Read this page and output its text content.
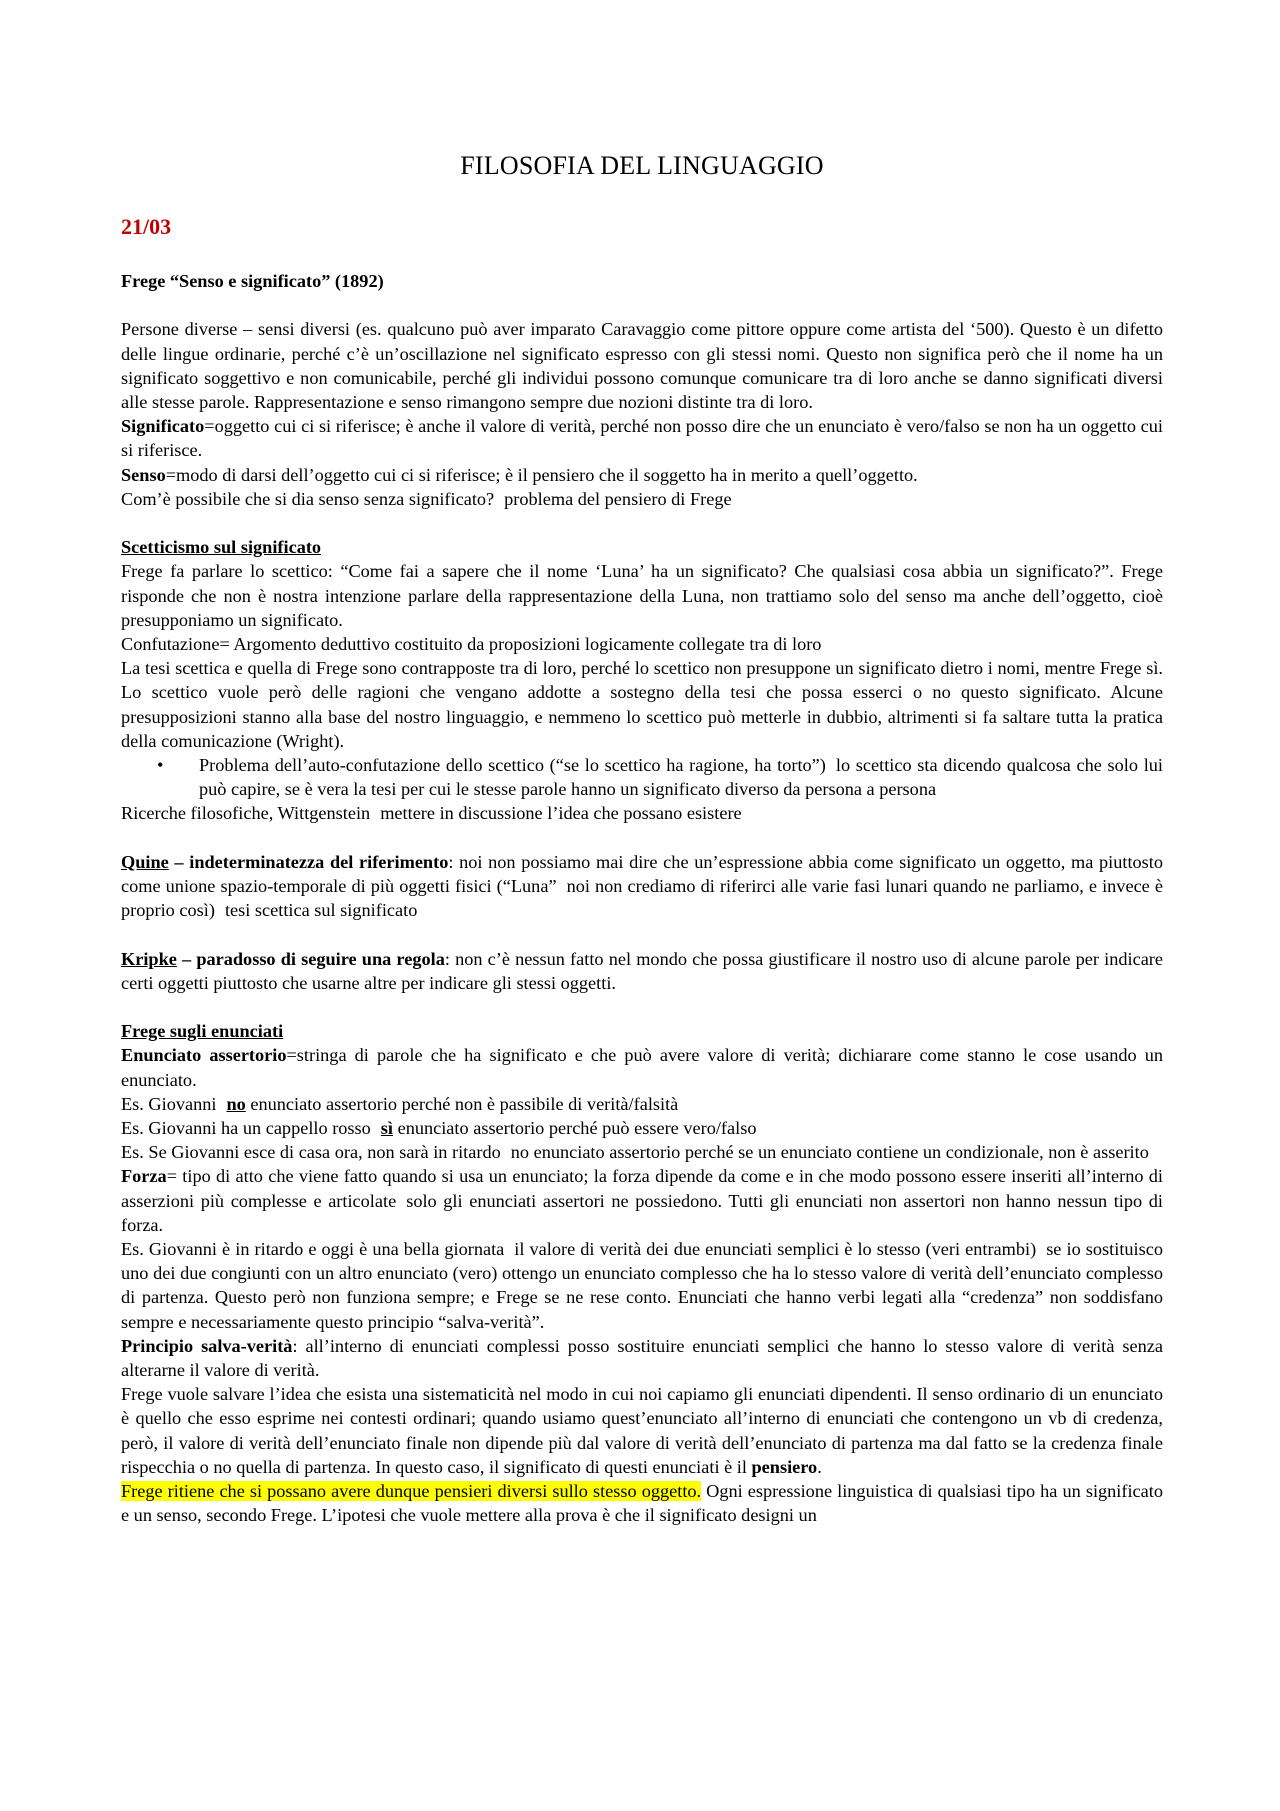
FILOSOFIA DEL LINGUAGGIO
21/03

Frege “Senso e significato” (1892)

Persone diverse – sensi diversi (es. qualcuno può aver imparato Caravaggio come pittore oppure come artista del ‘500). Questo è un difetto delle lingue ordinarie, perché c’è un’oscillazione nel significato espresso con gli stessi nomi. Questo non significa però che il nome ha un significato soggettivo e non comunicabile, perché gli individui possono comunque comunicare tra di loro anche se danno significati diversi alle stesse parole. Rappresentazione e senso rimangono sempre due nozioni distinte tra di loro.

Significato=oggetto cui ci si riferisce; è anche il valore di verità, perché non posso dire che un enunciato è vero/falso se non ha un oggetto cui si riferisce.

Senso=modo di darsi dell’oggetto cui ci si riferisce; è il pensiero che il soggetto ha in merito a quell’oggetto.

Com’è possibile che si dia senso senza significato? problema del pensiero di Frege

Scetticismo sul significato

Frege fa parlare lo scettico: “Come fai a sapere che il nome ‘Luna’ ha un significato? Che qualsiasi cosa abbia un significato?”. Frege risponde che non è nostra intenzione parlare della rappresentazione della Luna, non trattiamo solo del senso ma anche dell’oggetto, cioè presupponiamo un significato.

Confutazione= Argomento deduttivo costituito da proposizioni logicamente collegate tra di loro

La tesi scettica e quella di Frege sono contrapposte tra di loro, perché lo scettico non presuppone un significato dietro i nomi, mentre Frege sì. Lo scettico vuole però delle ragioni che vengano addotte a sostegno della tesi che possa esserci o no questo significato. Alcune presupposizioni stanno alla base del nostro linguaggio, e nemmeno lo scettico può metterle in dubbio, altrimenti si fa saltare tutta la pratica della comunicazione (Wright).

•	Problema dell’auto-confutazione dello scettico (“se lo scettico ha ragione, ha torto”) lo scettico sta dicendo qualcosa che solo lui può capire, se è vera la tesi per cui le stesse parole hanno un significato diverso da persona a persona

Ricerche filosofiche, Wittgenstein mettere in discussione l’idea che possano esistere

Quine – indeterminatezza del riferimento: noi non possiamo mai dire che un’espressione abbia come significato un oggetto, ma piuttosto come unione spazio-temporale di più oggetti fisici (“Luna” noi non crediamo di riferirci alle varie fasi lunari quando ne parliamo, e invece è proprio così) tesi scettica sul significato

Kripke – paradosso di seguire una regola: non c’è nessun fatto nel mondo che possa giustificare il nostro uso di alcune parole per indicare certi oggetti piuttosto che usarne altre per indicare gli stessi oggetti.

Frege sugli enunciati

Enunciato assertorio=stringa di parole che ha significato e che può avere valore di verità; dichiarare come stanno le cose usando un enunciato.

Es. Giovanni no enunciato assertorio perché non è passibile di verità/falsità

Es. Giovanni ha un cappello rosso sì enunciato assertorio perché può essere vero/falso

Es. Se Giovanni esce di casa ora, non sarà in ritardo no enunciato assertorio perché se un enunciato contiene un condizionale, non è asserito

Forza= tipo di atto che viene fatto quando si usa un enunciato; la forza dipende da come e in che modo possono essere inseriti all’interno di asserzioni più complesse e articolate solo gli enunciati assertori ne possiedono. Tutti gli enunciati non assertori non hanno nessun tipo di forza.

Es. Giovanni è in ritardo e oggi è una bella giornata il valore di verità dei due enunciati semplici è lo stesso (veri entrambi) se io sostituisco uno dei due congiunti con un altro enunciato (vero) ottengo un enunciato complesso che ha lo stesso valore di verità dell’enunciato complesso di partenza. Questo però non funziona sempre; e Frege se ne rese conto. Enunciati che hanno verbi legati alla “credenza” non soddisfano sempre e necessariamente questo principio “salva-verità”.

Principio salva-verità: all’interno di enunciati complessi posso sostituire enunciati semplici che hanno lo stesso valore di verità senza alterarne il valore di verità.

Frege vuole salvare l’idea che esista una sistematicità nel modo in cui noi capiamo gli enunciati dipendenti. Il senso ordinario di un enunciato è quello che esso esprime nei contesti ordinari; quando usiamo quest’enunciato all’interno di enunciati che contengono un vb di credenza, però, il valore di verità dell’enunciato finale non dipende più dal valore di verità dell’enunciato di partenza ma dal fatto se la credenza finale rispecchia o no quella di partenza. In questo caso, il significato di questi enunciati è il pensiero.

Frege ritiene che si possano avere dunque pensieri diversi sullo stesso oggetto. Ogni espressione linguistica di qualsiasi tipo ha un significato e un senso, secondo Frege. L’ipotesi che vuole mettere alla prova è che il significato designi un
